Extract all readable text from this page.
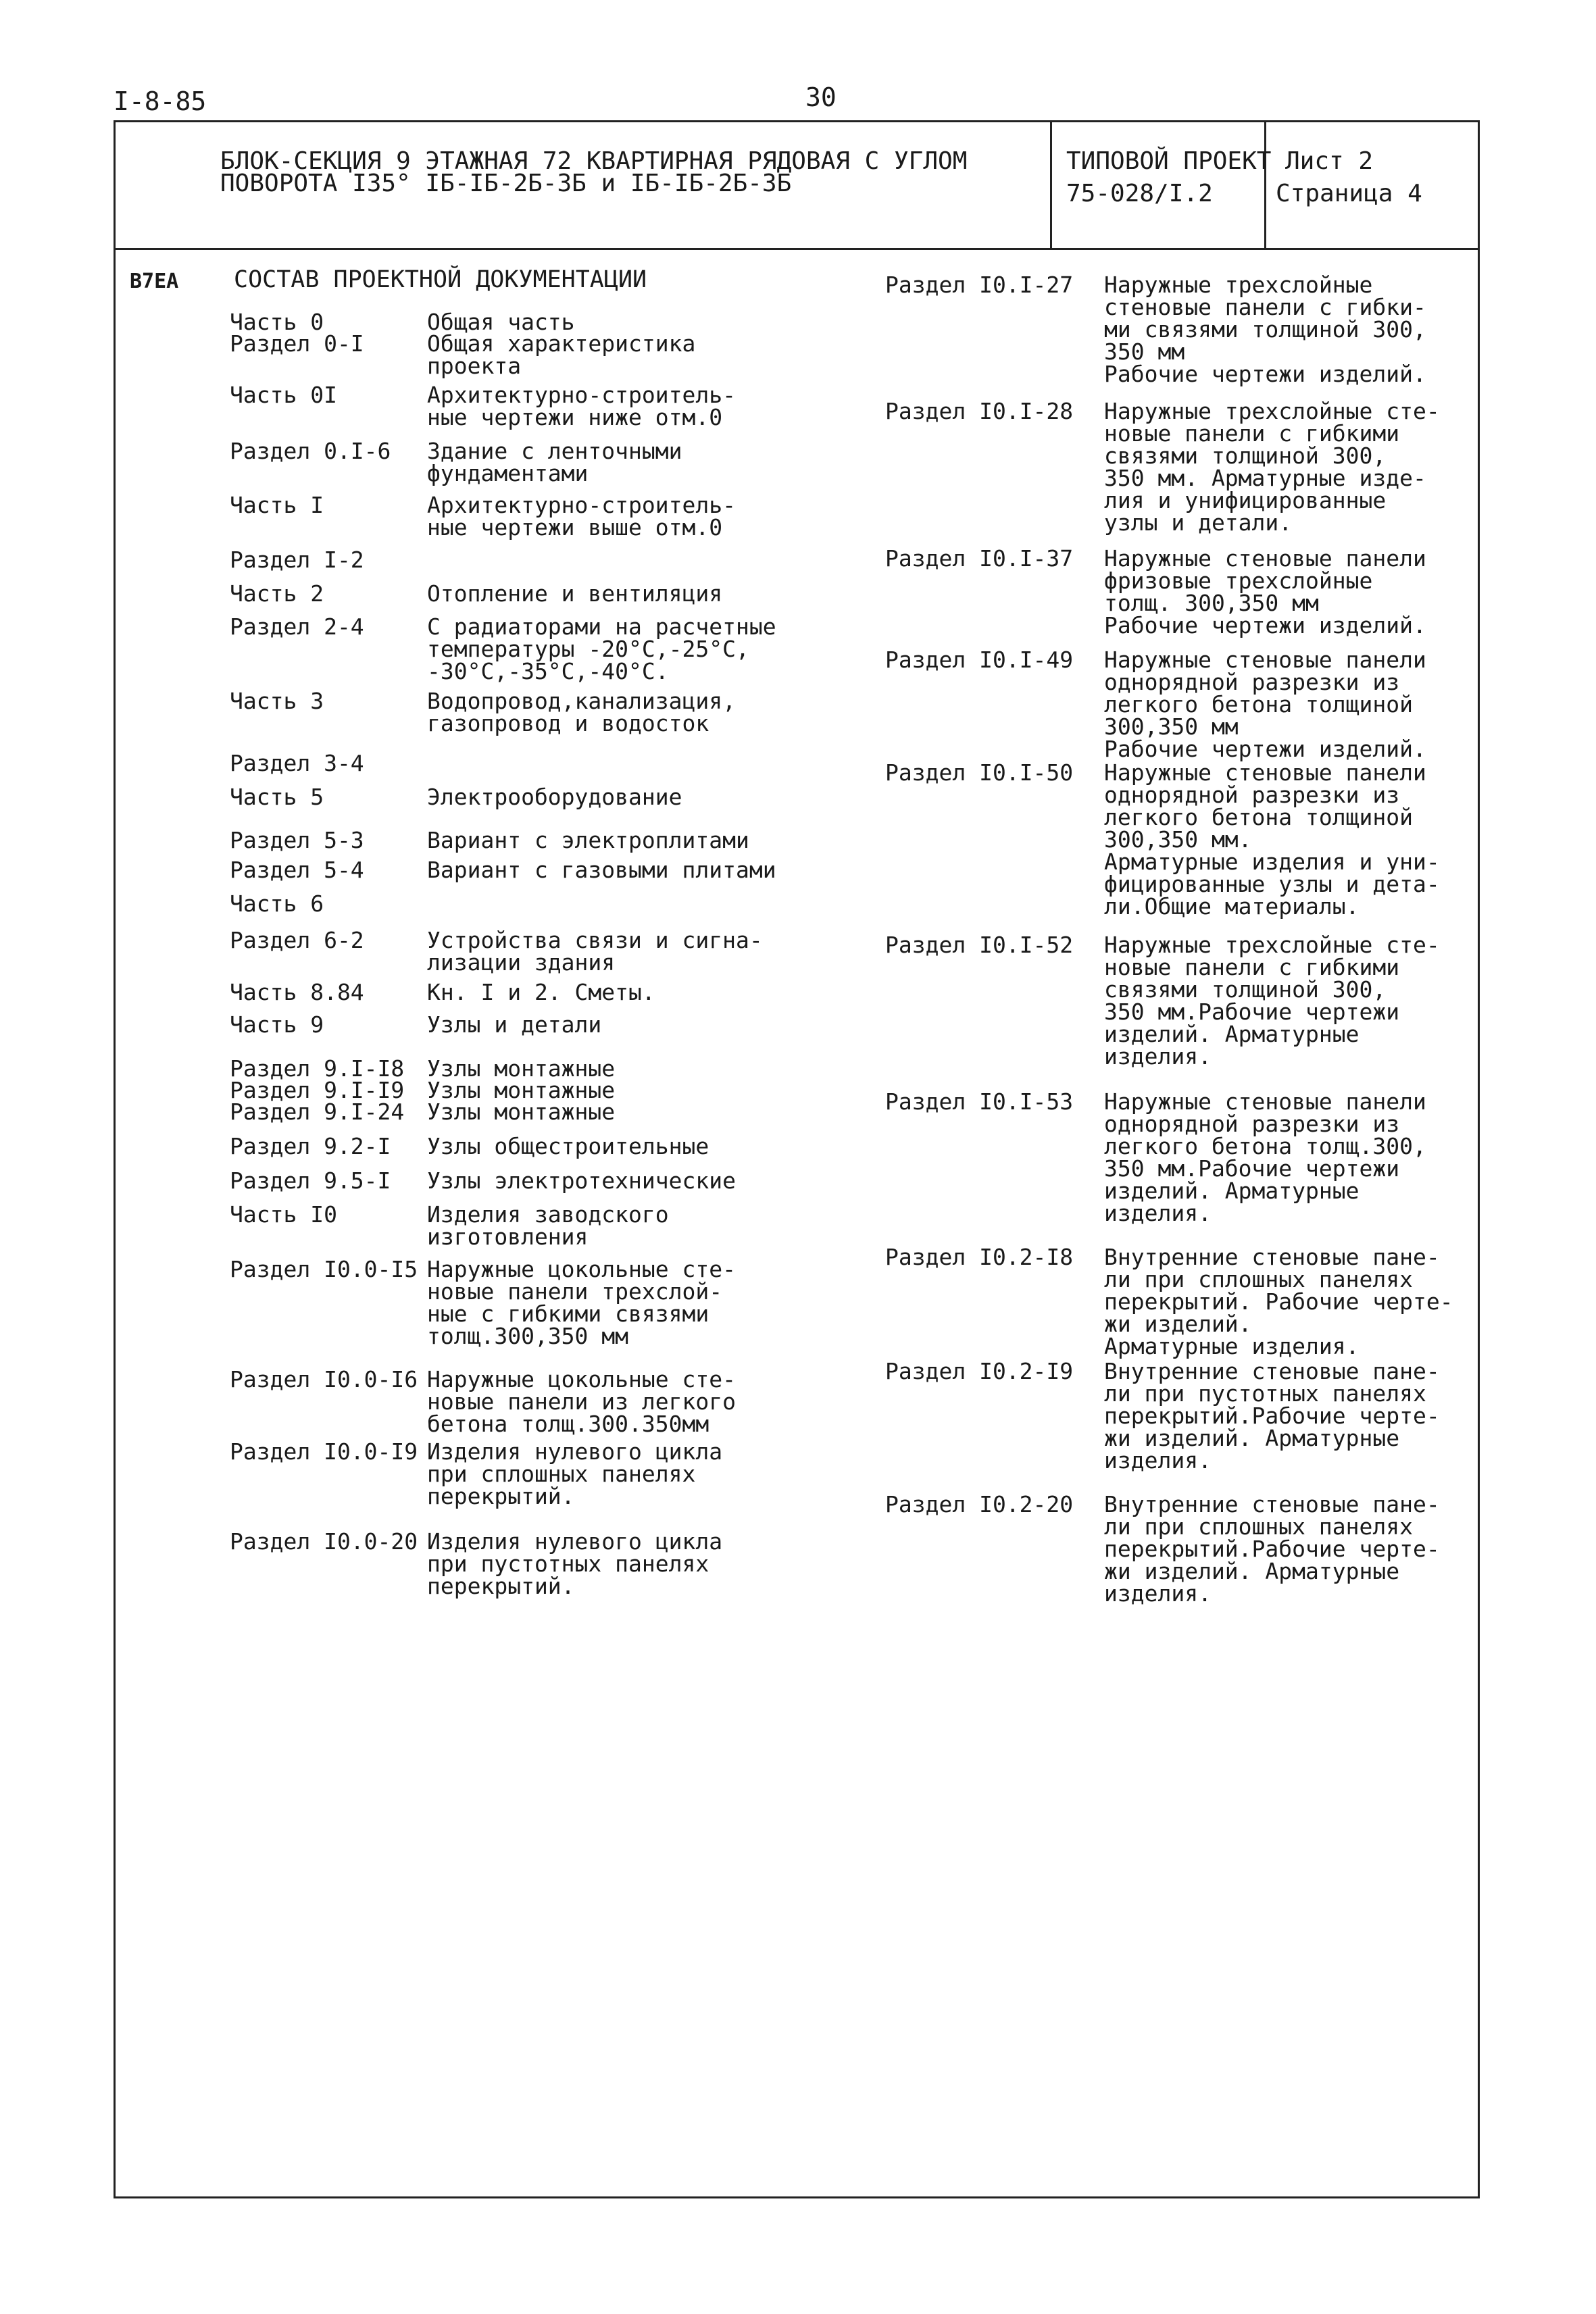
I-8-85	30
БЛОК-СЕКЦИЯ 9 ЭТАЖНАЯ 72 КВАРТИРНАЯ РЯДОВАЯ С УГЛОМ
ПОВОРОТА I35° IБ-IБ-2Б-3Б и IБ-IБ-2Б-3Б
ТИПОВОЙ ПРОЕКТ
75-028/I.2
Лист 2
Страница 4
В7ЕА СОСТАВ ПРОЕКТНОЙ ДОКУМЕНТАЦИИ
Часть 0	Общая часть
Раздел 0-I	Общая характеристика
проекта
Часть 0I	Архитектурно-строитель-
ные чертежи ниже отм.0
Раздел 0.I-6 Здание с ленточными
фундаментами
Часть I	Архитектурно-строитель-
ные чертежи выше отм.0
Раздел I-2
Часть 2	Отопление и вентиляция
Раздел 2-4	С радиаторами на расчетные
температуры -20°С,-25°С,
-30°С,-35°С,-40°С.
Часть 3	Водопровод,канализация,
газопровод и водосток
Раздел 3-4
Часть 5	Электрооборудование
Раздел 5-3	Вариант с электроплитами
Раздел 5-4	Вариант с газовыми плитами
Часть 6
Раздел 6-2	Устройства связи и сигна-
лизации здания
Часть 8.84	Кн. I и 2. Сметы.
Часть 9	Узлы и детали
Раздел 9.I-I8 Узлы монтажные
Раздел 9.I-I9 Узлы монтажные
Раздел 9.I-24 Узлы монтажные
Раздел 9.2-I Узлы общестроительные
Раздел 9.5-I Узлы электротехнические
Часть I0	Изделия заводского
изготовления
Раздел I0.0-I5 Наружные цокольные сте-
новые панели трехслой-
ные с гибкими связями
толщ.300,350 мм
Раздел I0.0-I6 Наружные цокольные сте-
новые панели из легкого
бетона толщ.300.350мм
Раздел I0.0-I9 Изделия нулевого цикла
при сплошных панелях
перекрытий.
Раздел I0.0-20 Изделия нулевого цикла
при пустотных панелях
перекрытий.
Раздел I0.I-27 Наружные трехслойные
стеновые панели с гибки-
ми связями толщиной 300,
350 мм
Рабочие чертежи изделий.
Раздел I0.I-28 Наружные трехслойные сте-
новые панели с гибкими
связями толщиной 300,
350 мм. Арматурные изде-
лия и унифицированные
узлы и детали.
Раздел I0.I-37 Наружные стеновые панели
фризовые трехслойные
толщ. 300,350 мм
Рабочие чертежи изделий.
Раздел I0.I-49 Наружные стеновые панели
однорядной разрезки из
легкого бетона толщиной
300,350 мм
Рабочие чертежи изделий.
Раздел I0.I-50 Наружные стеновые панели
однорядной разрезки из
легкого бетона толщиной
300,350 мм.
Арматурные изделия и уни-
фицированные узлы и дета-
ли.Общие материалы.
Раздел I0.I-52 Наружные трехслойные сте-
новые панели с гибкими
связями толщиной 300,
350 мм.Рабочие чертежи
изделий. Арматурные
изделия.
Раздел I0.I-53 Наружные стеновые панели
однорядной разрезки из
легкого бетона толщ.300,
350 мм.Рабочие чертежи
изделий. Арматурные
изделия.
Раздел I0.2-I8 Внутренние стеновые пане-
ли при сплошных панелях
перекрытий. Рабочие черте-
жи изделий.
Арматурные изделия.
Раздел I0.2-I9 Внутренние стеновые пане-
ли при пустотных панелях
перекрытий.Рабочие черте-
жи изделий. Арматурные
изделия.
Раздел I0.2-20 Внутренние стеновые пане-
ли при сплошных панелях
перекрытий.Рабочие черте-
жи изделий. Арматурные
изделия.
